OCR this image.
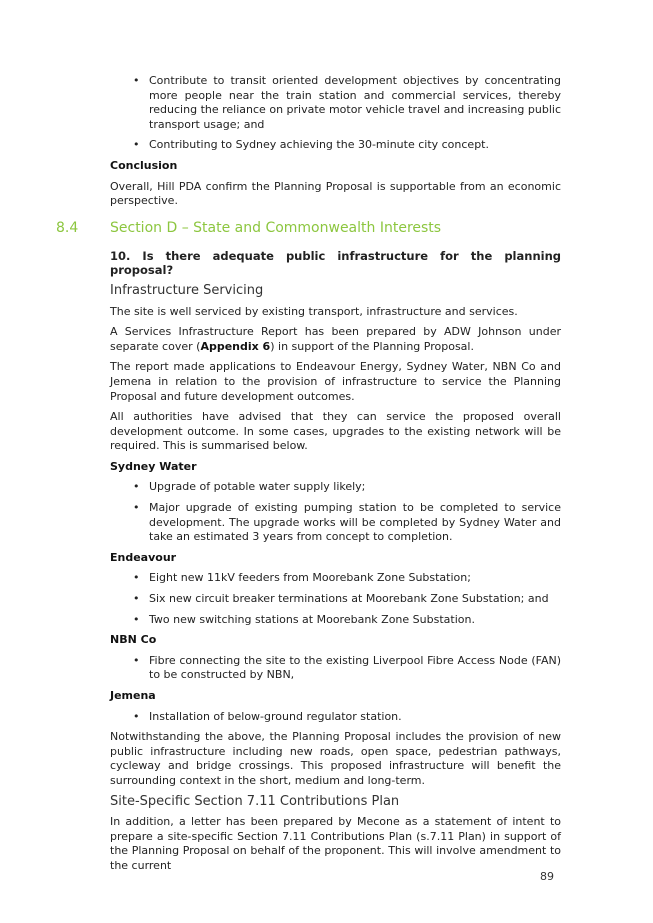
• Contribute to transit oriented development objectives by concentrating more people near the train station and commercial services, thereby reducing the reliance on private motor vehicle travel and increasing public transport usage; and
• Contributing to Sydney achieving the 30-minute city concept.

Conclusion

Overall, Hill PDA confirm the Planning Proposal is supportable from an economic perspective.

8.4 Section D – State and Commonwealth Interests

10. Is there adequate public infrastructure for the planning proposal?

Infrastructure Servicing

The site is well serviced by existing transport, infrastructure and services.

A Services Infrastructure Report has been prepared by ADW Johnson under separate cover (Appendix 6) in support of the Planning Proposal.

The report made applications to Endeavour Energy, Sydney Water, NBN Co and Jemena in relation to the provision of infrastructure to service the Planning Proposal and future development outcomes.

All authorities have advised that they can service the proposed overall development outcome. In some cases, upgrades to the existing network will be required. This is summarised below.

Sydney Water

• Upgrade of potable water supply likely;
• Major upgrade of existing pumping station to be completed to service development. The upgrade works will be completed by Sydney Water and take an estimated 3 years from concept to completion.

Endeavour

• Eight new 11kV feeders from Moorebank Zone Substation;
• Six new circuit breaker terminations at Moorebank Zone Substation; and
• Two new switching stations at Moorebank Zone Substation.

NBN Co

• Fibre connecting the site to the existing Liverpool Fibre Access Node (FAN) to be constructed by NBN,

Jemena

• Installation of below-ground regulator station.

Notwithstanding the above, the Planning Proposal includes the provision of new public infrastructure including new roads, open space, pedestrian pathways, cycleway and bridge crossings. This proposed infrastructure will benefit the surrounding context in the short, medium and long-term.

Site-Specific Section 7.11 Contributions Plan

In addition, a letter has been prepared by Mecone as a statement of intent to prepare a site-specific Section 7.11 Contributions Plan (s.7.11 Plan) in support of the Planning Proposal on behalf of the proponent. This will involve amendment to the current

89
